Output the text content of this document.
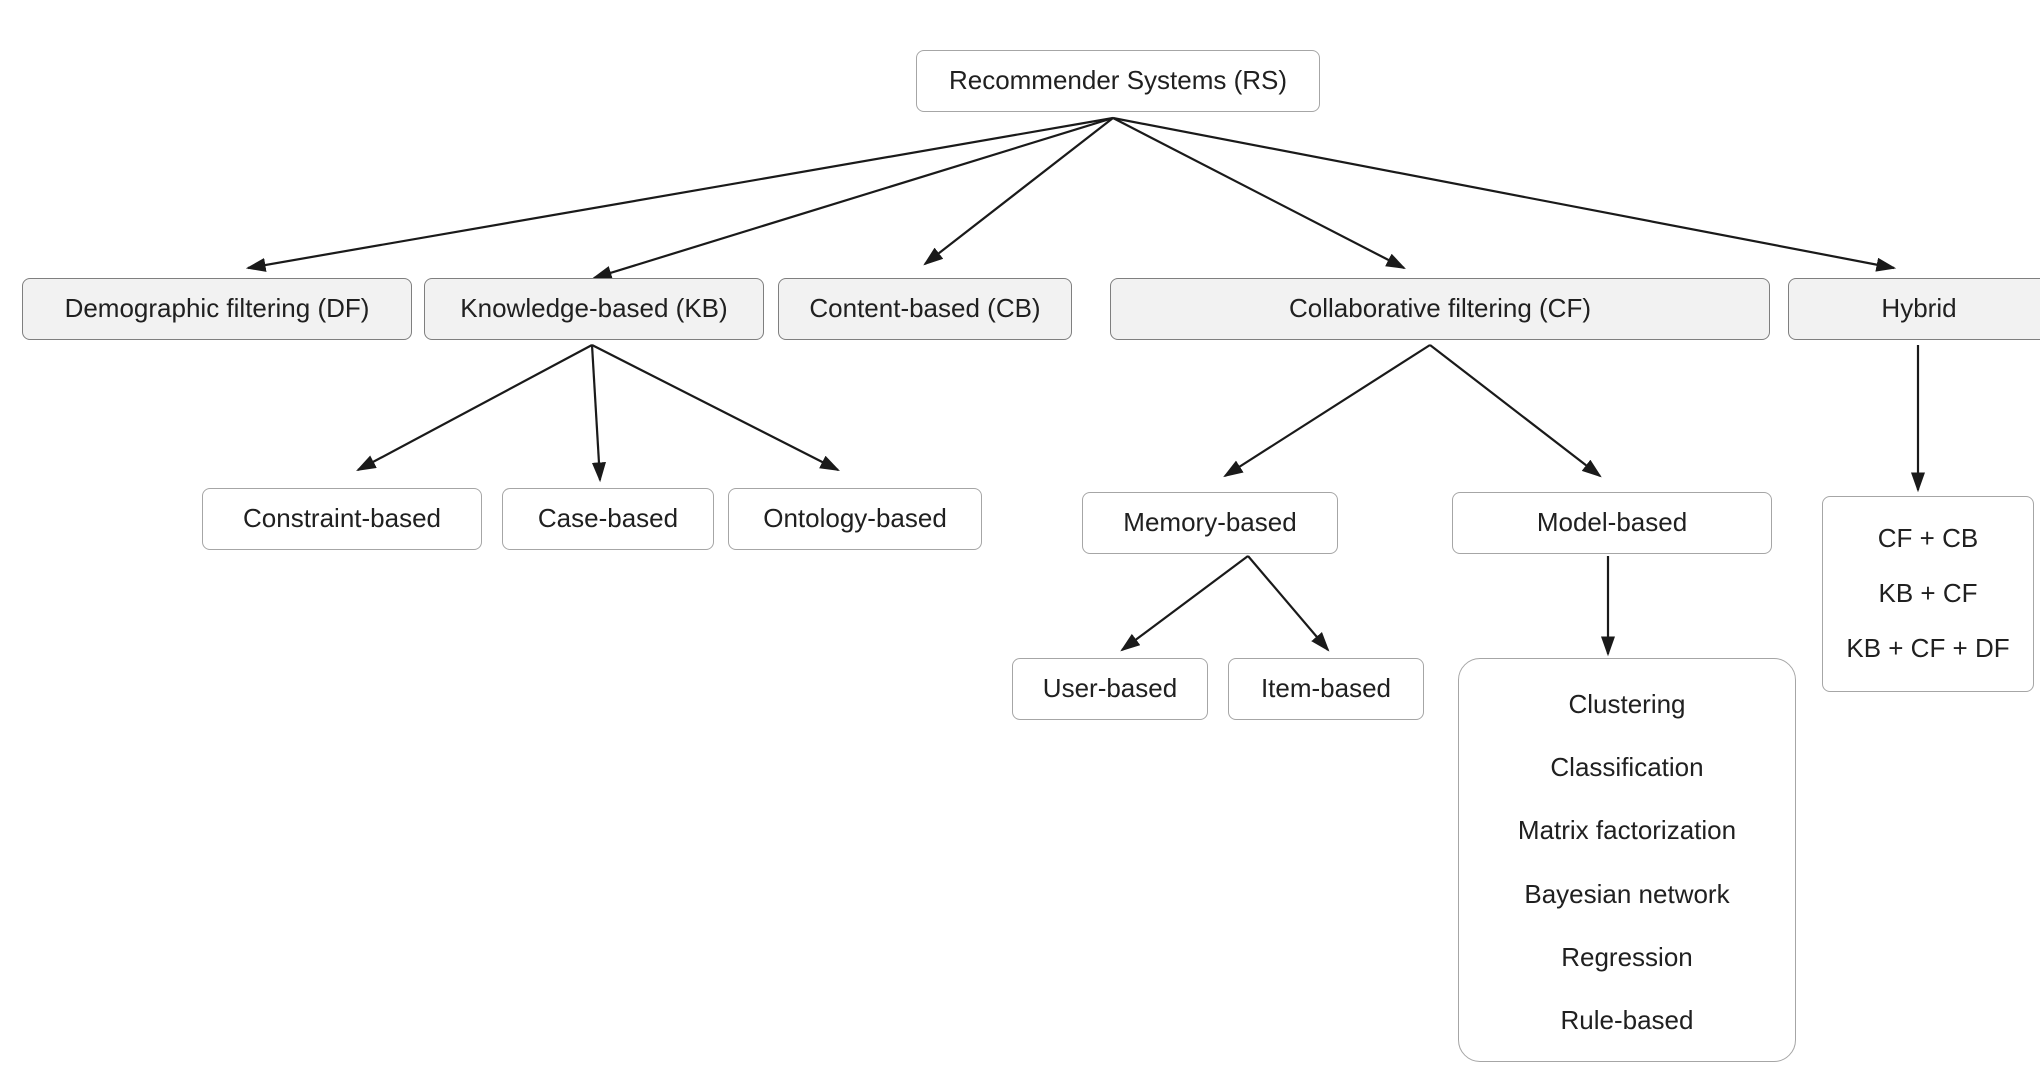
Recommender Systems (RS)
Demographic filtering (DF)	Knowledge-based (KB)	Content-based (CB)	Collaborative filtering (CF)	Hybrid
Constraint-based	Case-based	Ontology-based	Memory-based	Model-based
User-based	Item-based
Clustering
Classification
Matrix factorization
Bayesian network
Regression
Rule-based
CF + CB
KB + CF
KB + CF + DF
